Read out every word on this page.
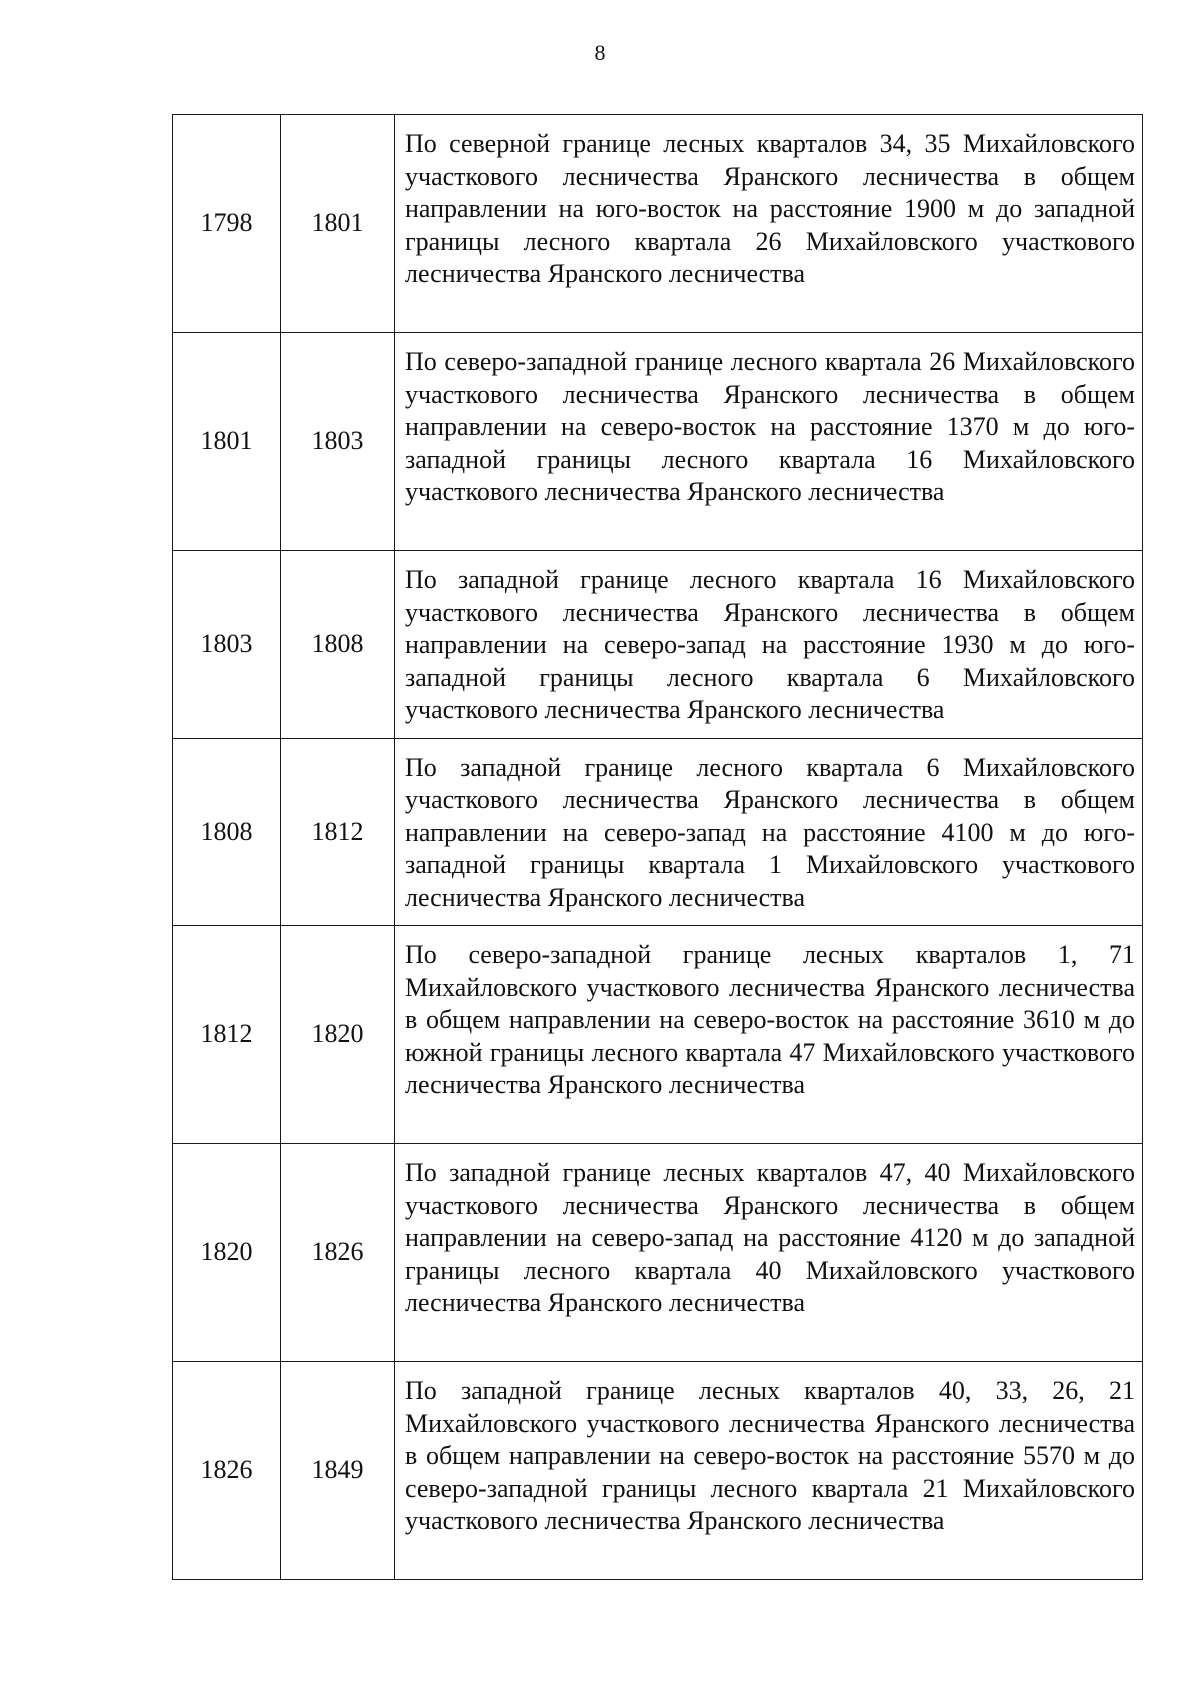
8
1798	1801	По северной границе лесных кварталов 34, 35 Михайловского участкового лесничества Яранского лесничества в общем направлении на юго-восток на расстояние 1900 м до западной границы лесного квартала 26 Михайловского участкового лесничества Яранского лесничества
1801	1803	По северо-западной границе лесного квартала 26 Михайловского участкового лесничества Яранского лесничества в общем направлении на северо-восток на расстояние 1370 м до юго-западной границы лесного квартала 16 Михайловского участкового лесничества Яранского лесничества
1803	1808	По западной границе лесного квартала 16 Михайловского участкового лесничества Яранского лесничества в общем направлении на северо-запад на расстояние 1930 м до юго-западной границы лесного квартала 6 Михайловского участкового лесничества Яранского лесничества
1808	1812	По западной границе лесного квартала 6 Михайловского участкового лесничества Яранского лесничества в общем направлении на северо-запад на расстояние 4100 м до юго-западной границы квартала 1 Михайловского участкового лесничества Яранского лесничества
1812	1820	По северо-западной границе лесных кварталов 1, 71 Михайловского участкового лесничества Яранского лесничества в общем направлении на северо-восток на расстояние 3610 м до южной границы лесного квартала 47 Михайловского участкового лесничества Яранского лесничества
1820	1826	По западной границе лесных кварталов 47, 40 Михайловского участкового лесничества Яранского лесничества в общем направлении на северо-запад на расстояние 4120 м до западной границы лесного квартала 40 Михайловского участкового лесничества Яранского лесничества
1826	1849	По западной границе лесных кварталов 40, 33, 26, 21 Михайловского участкового лесничества Яранского лесничества в общем направлении на северо-восток на расстояние 5570 м до северо-западной границы лесного квартала 21 Михайловского участкового лесничества Яранского лесничества
